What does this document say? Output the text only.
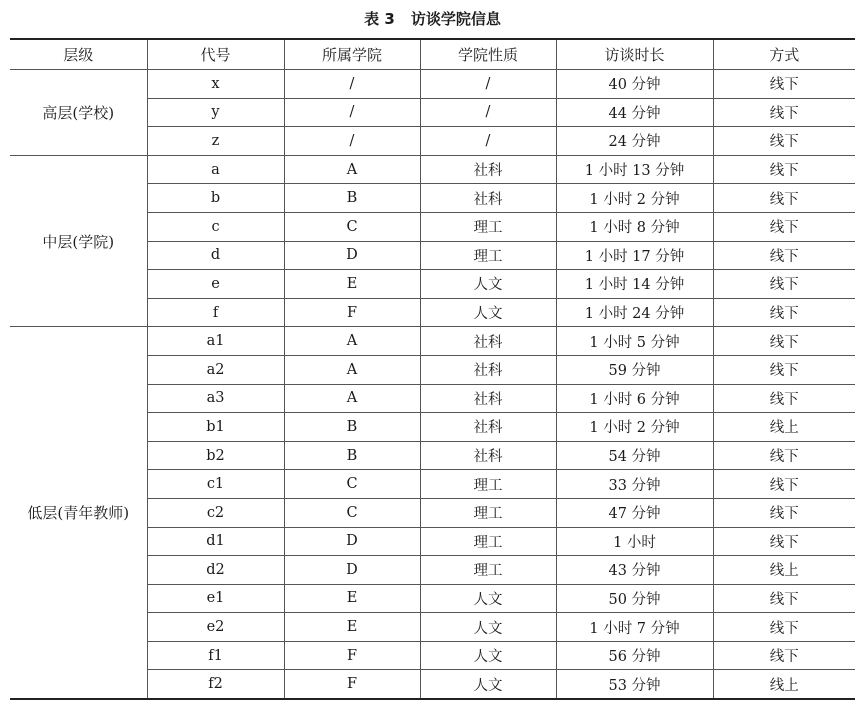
表 3 访谈学院信息
层级	代号	所属学院	学院性质	访谈时长	方式
高层(学校)	x	/	/	40 分钟	线下
	y	/	/	44 分钟	线下
	z	/	/	24 分钟	线下
中层(学院)	a	A	社科	1 小时 13 分钟	线下
	b	B	社科	1 小时 2 分钟	线下
	c	C	理工	1 小时 8 分钟	线下
	d	D	理工	1 小时 17 分钟	线下
	e	E	人文	1 小时 14 分钟	线下
	f	F	人文	1 小时 24 分钟	线下
低层(青年教师)	a1	A	社科	1 小时 5 分钟	线下
	a2	A	社科	59 分钟	线下
	a3	A	社科	1 小时 6 分钟	线下
	b1	B	社科	1 小时 2 分钟	线上
	b2	B	社科	54 分钟	线下
	c1	C	理工	33 分钟	线下
	c2	C	理工	47 分钟	线下
	d1	D	理工	1 小时	线下
	d2	D	理工	43 分钟	线上
	e1	E	人文	50 分钟	线下
	e2	E	人文	1 小时 7 分钟	线下
	f1	F	人文	56 分钟	线下
	f2	F	人文	53 分钟	线上
